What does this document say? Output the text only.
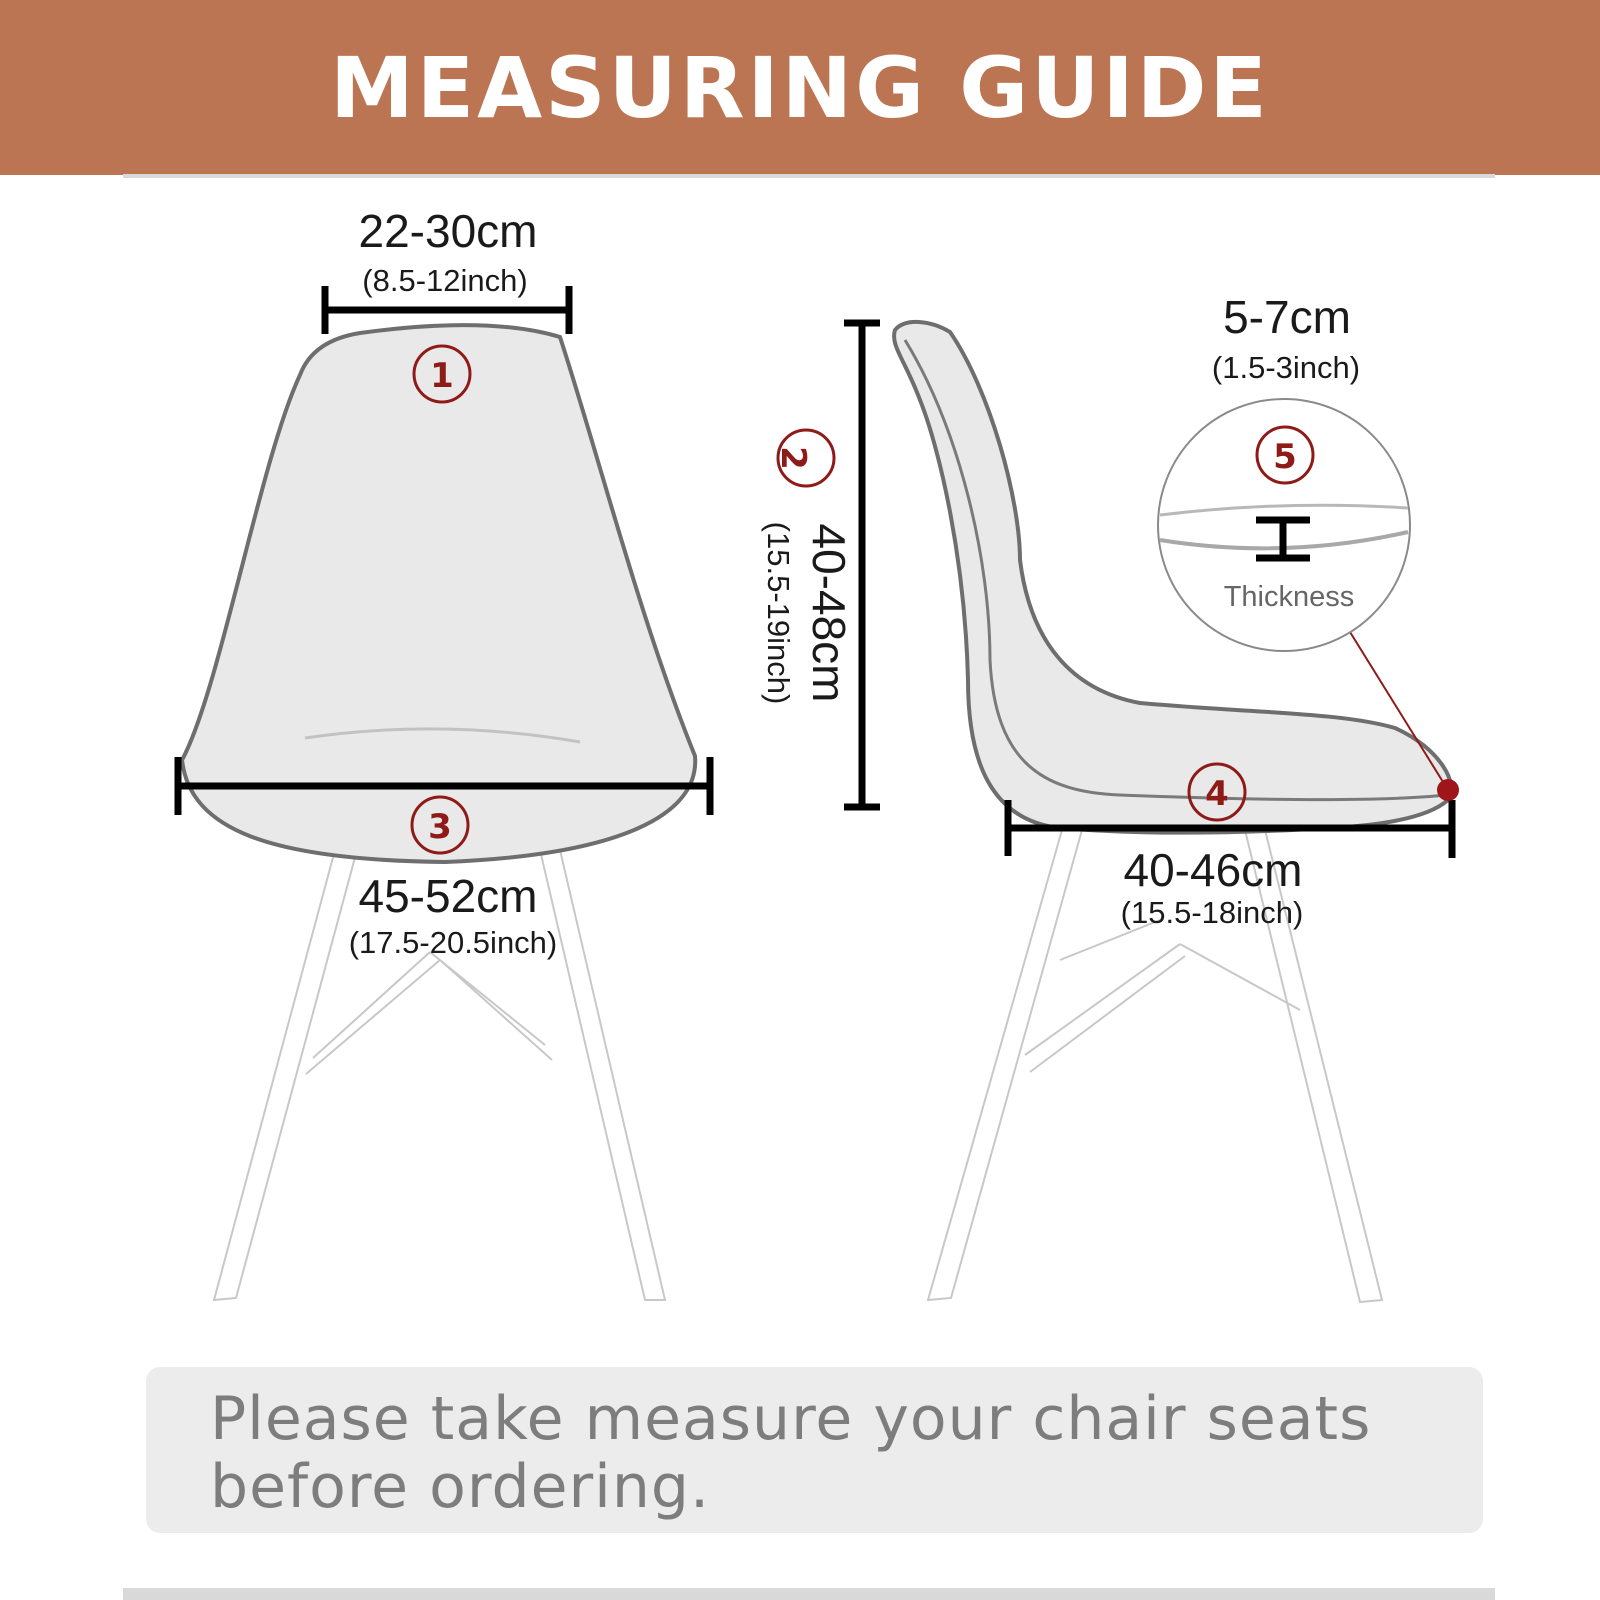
MEASURING GUIDE
22-30cm
(8.5-12inch)
1
3
45-52cm
(17.5-20.5inch)
2
40-48cm
(15.5-19inch)
4
40-46cm
(15.5-18inch)
5-7cm
(1.5-3inch)
5
Thickness

Please take measure your chair seats before ordering.
